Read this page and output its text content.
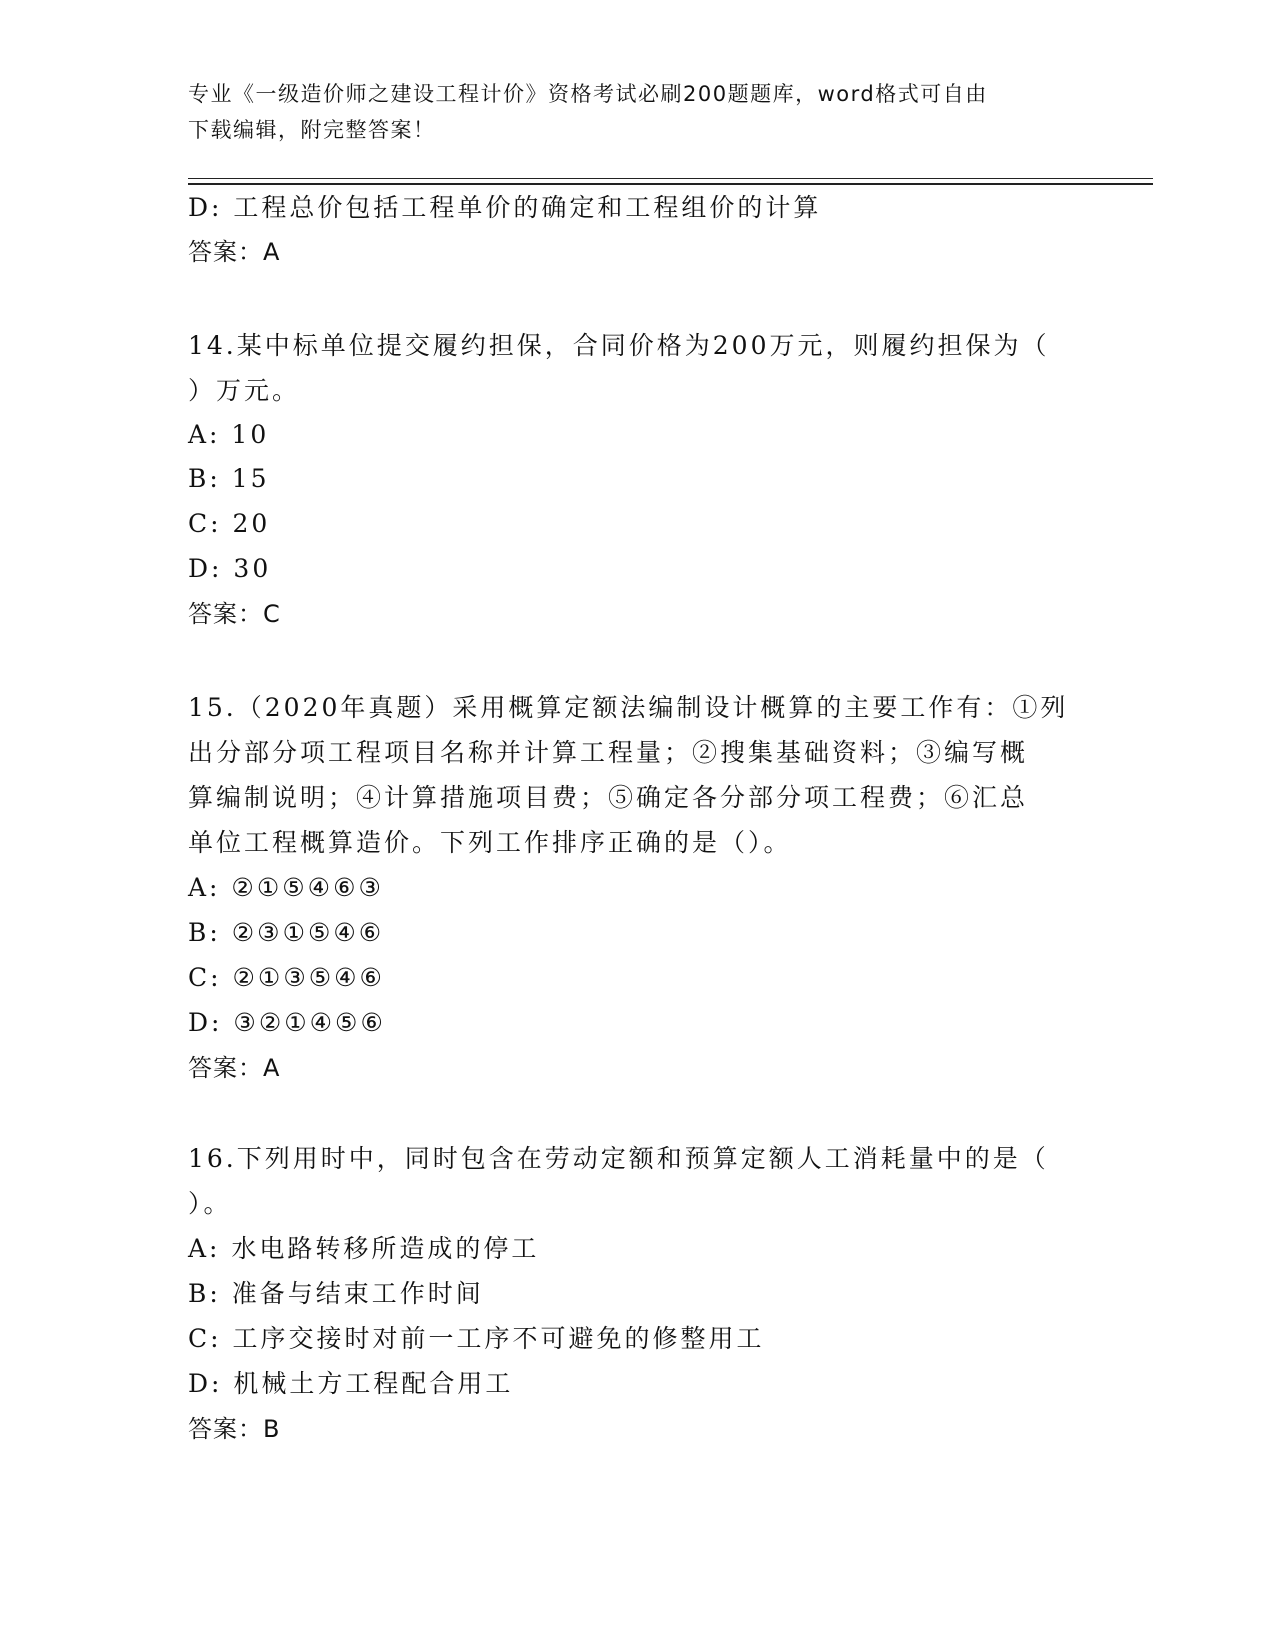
专业《一级造价师之建设工程计价》资格考试必刷200题题库，word格式可自由
下载编辑，附完整答案！
D: 工程总价包括工程单价的确定和工程组价的计算
答案：A
14.某中标单位提交履约担保，合同价格为200万元，则履约担保为（
）万元。
A: 10
B: 15
C: 20
D: 30
答案：C
15.（2020年真题）采用概算定额法编制设计概算的主要工作有：①列
出分部分项工程项目名称并计算工程量；②搜集基础资料；③编写概
算编制说明；④计算措施项目费；⑤确定各分部分项工程费；⑥汇总
单位工程概算造价。下列工作排序正确的是（）。
A: ②①⑤④⑥③
B: ②③①⑤④⑥
C: ②①③⑤④⑥
D: ③②①④⑤⑥
答案：A
16.下列用时中，同时包含在劳动定额和预算定额人工消耗量中的是（
）。
A: 水电路转移所造成的停工
B: 准备与结束工作时间
C: 工序交接时对前一工序不可避免的修整用工
D: 机械土方工程配合用工
答案：B
